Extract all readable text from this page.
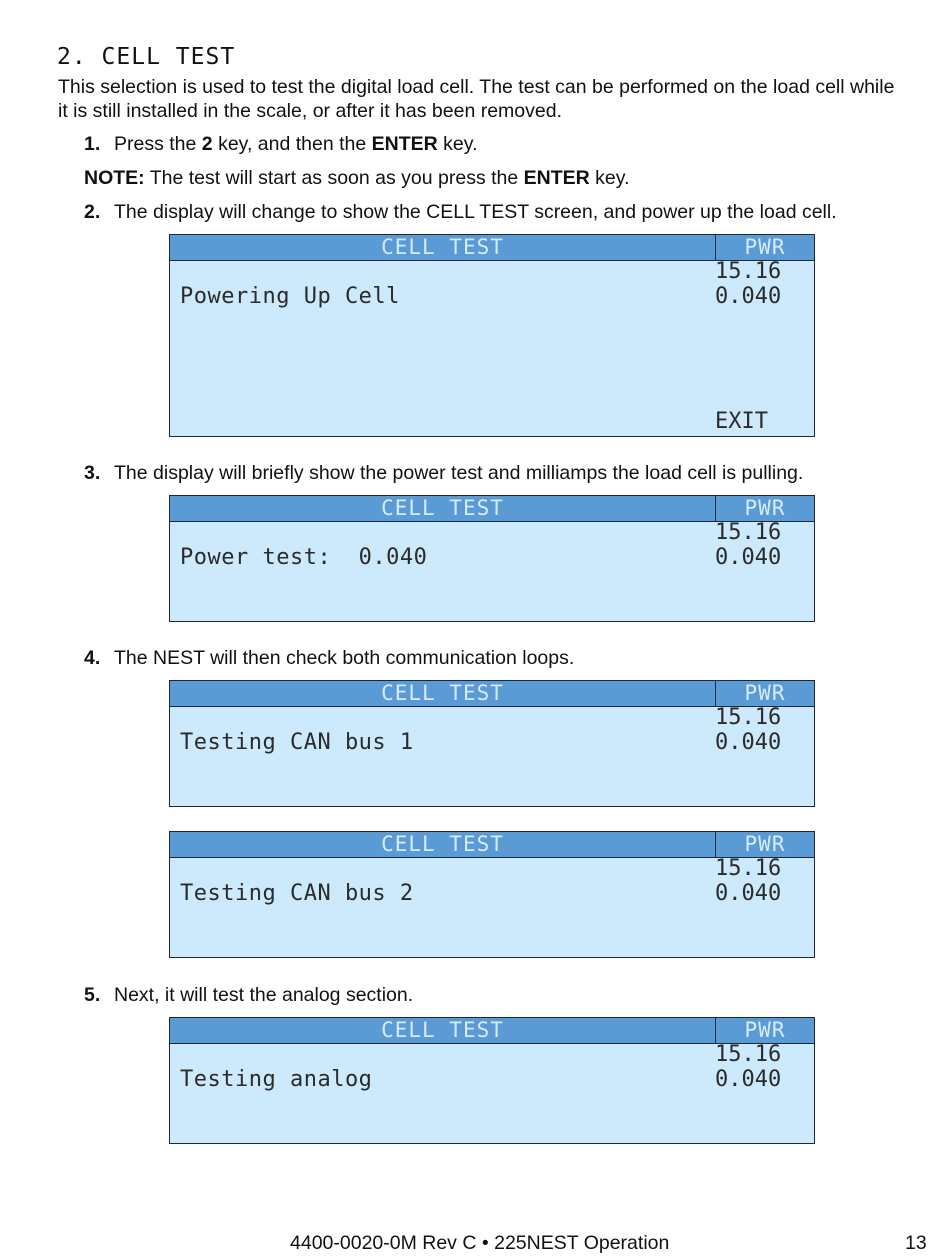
2. CELL TEST
This selection is used to test the digital load cell. The test can be performed on the load cell while it is still installed in the scale, or after it has been removed.
1. Press the 2 key, and then the ENTER key.
NOTE: The test will start as soon as you press the ENTER key.
2. The display will change to show the CELL TEST screen, and power up the load cell.
CELL TEST	PWR
15.16
0.040
Powering Up Cell
EXIT
3. The display will briefly show the power test and milliamps the load cell is pulling.
CELL TEST	PWR
15.16
0.040
Power test:  0.040
4. The NEST will then check both communication loops.
CELL TEST	PWR
15.16
0.040
Testing CAN bus 1
CELL TEST	PWR
15.16
0.040
Testing CAN bus 2
5. Next, it will test the analog section.
CELL TEST	PWR
15.16
0.040
Testing analog
4400-0020-0M Rev C • 225NEST Operation	13
